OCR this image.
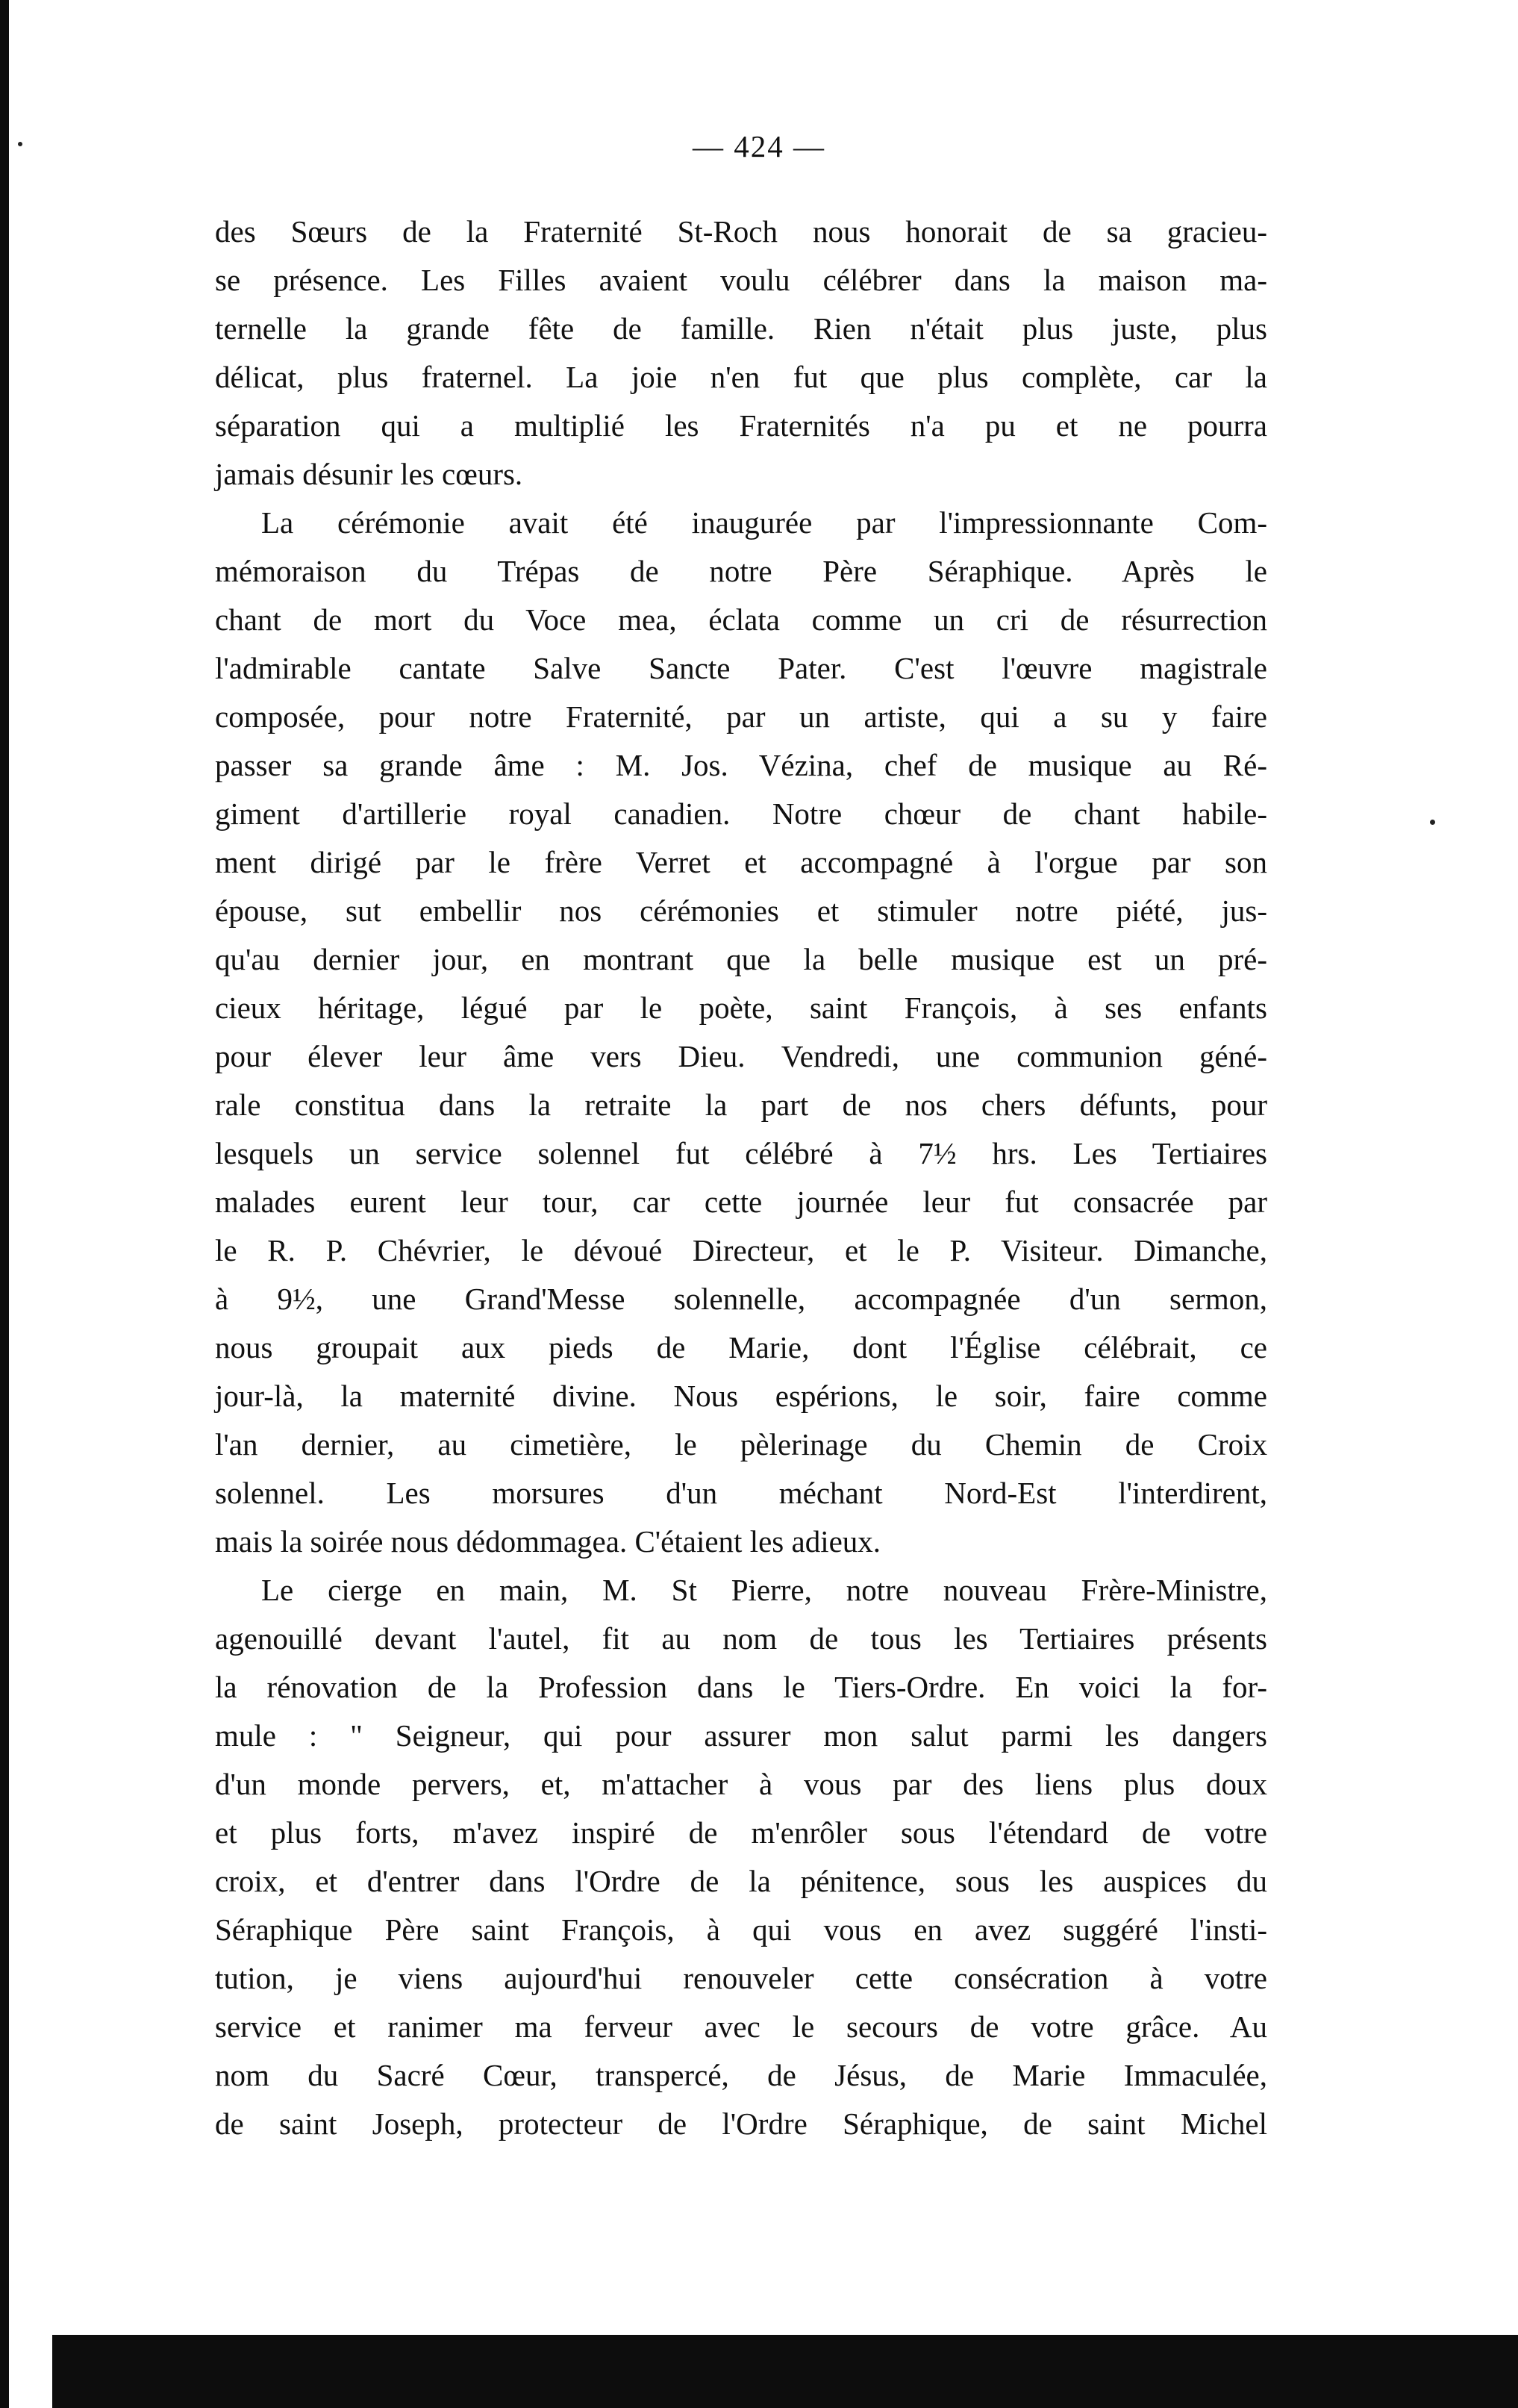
— 424 —
des Sœurs de la Fraternité St-Roch nous honorait de sa gracieu-
se présence. Les Filles avaient voulu célébrer dans la maison ma-
ternelle la grande fête de famille. Rien n'était plus juste, plus
délicat, plus fraternel. La joie n'en fut que plus complète, car la
séparation qui a multiplié les Fraternités n'a pu et ne pourra
jamais désunir les cœurs.
La cérémonie avait été inaugurée par l'impressionnante Com-
mémoraison du Trépas de notre Père Séraphique. Après le
chant de mort du Voce mea, éclata comme un cri de résurrection
l'admirable cantate Salve Sancte Pater. C'est l'œuvre magistrale
composée, pour notre Fraternité, par un artiste, qui a su y faire
passer sa grande âme : M. Jos. Vézina, chef de musique au Ré-
giment d'artillerie royal canadien. Notre chœur de chant habile-
ment dirigé par le frère Verret et accompagné à l'orgue par son
épouse, sut embellir nos cérémonies et stimuler notre piété, jus-
qu'au dernier jour, en montrant que la belle musique est un pré-
cieux héritage, légué par le poète, saint François, à ses enfants
pour élever leur âme vers Dieu. Vendredi, une communion géné-
rale constitua dans la retraite la part de nos chers défunts, pour
lesquels un service solennel fut célébré à 7½ hrs. Les Tertiaires
malades eurent leur tour, car cette journée leur fut consacrée par
le R. P. Chévrier, le dévoué Directeur, et le P. Visiteur. Dimanche,
à 9½, une Grand'Messe solennelle, accompagnée d'un sermon,
nous groupait aux pieds de Marie, dont l'Église célébrait, ce
jour-là, la maternité divine. Nous espérions, le soir, faire comme
l'an dernier, au cimetière, le pèlerinage du Chemin de Croix
solennel. Les morsures d'un méchant Nord-Est l'interdirent,
mais la soirée nous dédommagea. C'étaient les adieux.
Le cierge en main, M. St Pierre, notre nouveau Frère-Ministre,
agenouillé devant l'autel, fit au nom de tous les Tertiaires présents
la rénovation de la Profession dans le Tiers-Ordre. En voici la for-
mule : " Seigneur, qui pour assurer mon salut parmi les dangers
d'un monde pervers, et, m'attacher à vous par des liens plus doux
et plus forts, m'avez inspiré de m'enrôler sous l'étendard de votre
croix, et d'entrer dans l'Ordre de la pénitence, sous les auspices du
Séraphique Père saint François, à qui vous en avez suggéré l'insti-
tution, je viens aujourd'hui renouveler cette consécration à votre
service et ranimer ma ferveur avec le secours de votre grâce. Au
nom du Sacré Cœur, transpercé, de Jésus, de Marie Immaculée,
de saint Joseph, protecteur de l'Ordre Séraphique, de saint Michel
